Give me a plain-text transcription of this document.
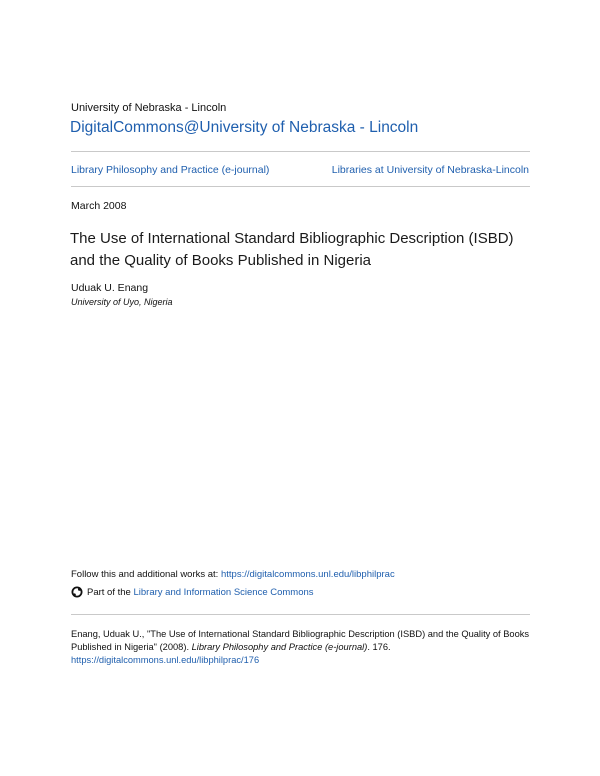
University of Nebraska - Lincoln
DigitalCommons@University of Nebraska - Lincoln
Library Philosophy and Practice (e-journal)	Libraries at University of Nebraska-Lincoln
March 2008
The Use of International Standard Bibliographic Description (ISBD) and the Quality of Books Published in Nigeria
Uduak U. Enang
University of Uyo, Nigeria
Follow this and additional works at: https://digitalcommons.unl.edu/libphilprac
Part of the
Library and Information Science Commons
Enang, Uduak U., "The Use of International Standard Bibliographic Description (ISBD) and the Quality of Books Published in Nigeria" (2008). Library Philosophy and Practice (e-journal). 176.
https://digitalcommons.unl.edu/libphilprac/176
